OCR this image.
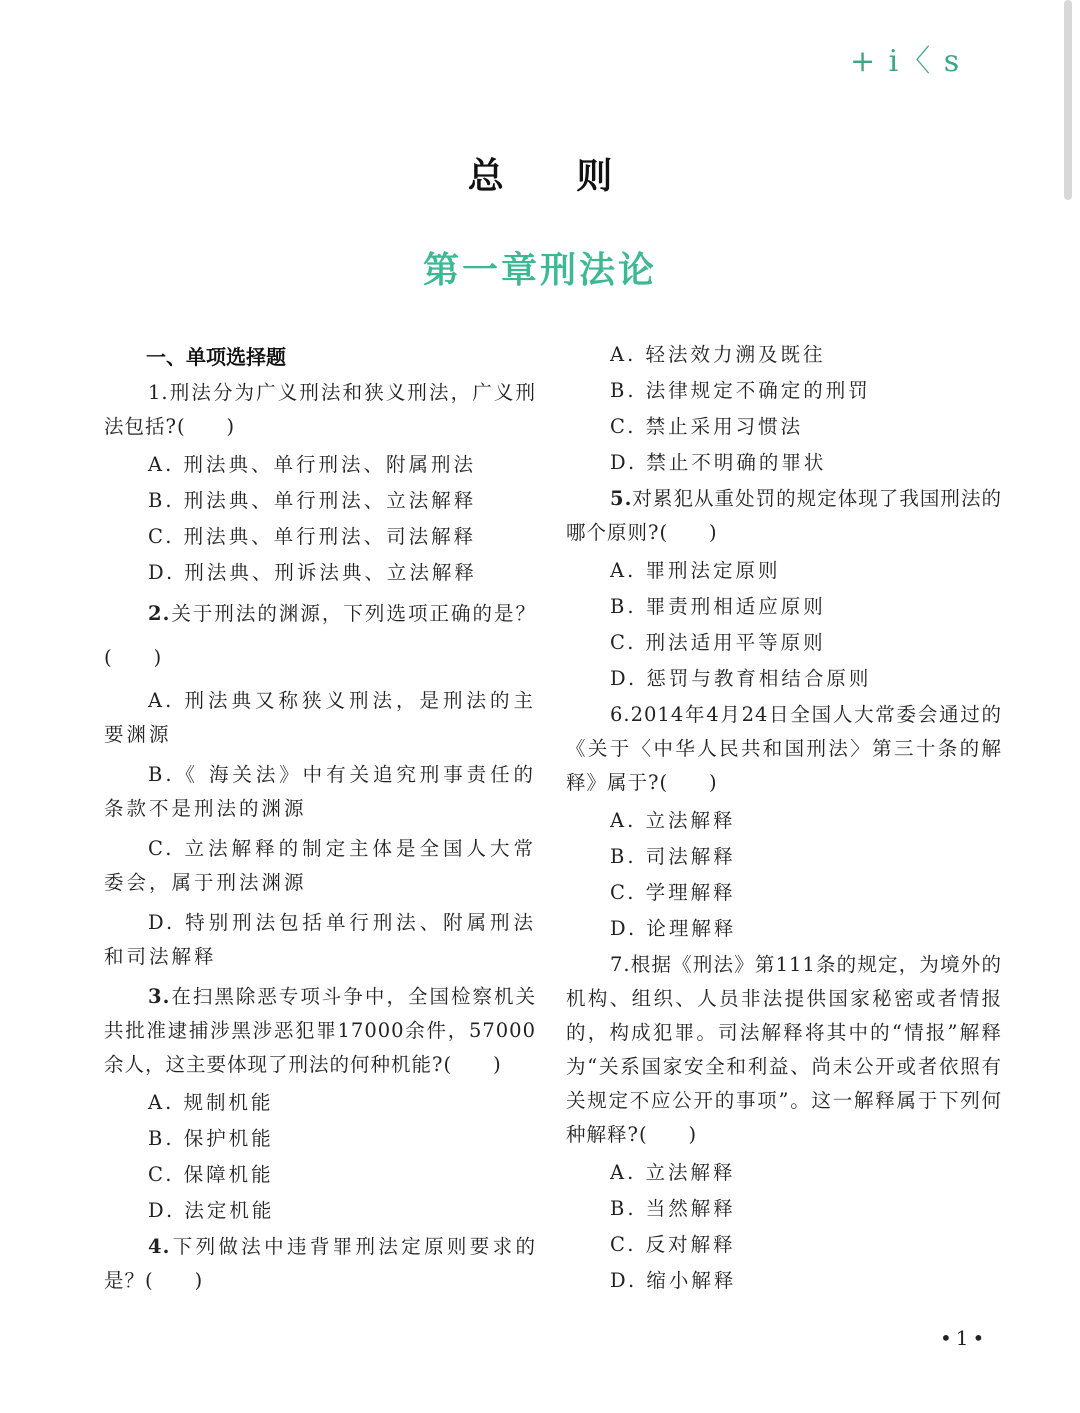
+ i〈 s
总 则
第一章刑法论
一、单项选择题

1.刑法分为广义刑法和狭义刑法，广义刑法包括?(　　)

A. 刑法典、单行刑法、附属刑法

B. 刑法典、单行刑法、立法解释

C. 刑法典、单行刑法、司法解释

D. 刑法典、刑诉法典、立法解释

2.关于刑法的渊源，下列选项正确的是？(　　)

A. 刑法典又称狭义刑法，是刑法的主要渊源

B.《 海关法》中有关追究刑事责任的条款不是刑法的渊源

C. 立法解释的制定主体是全国人大常委会，属于刑法渊源

D. 特别刑法包括单行刑法、附属刑法和司法解释

3.在扫黑除恶专项斗争中，全国检察机关共批准逮捕涉黑涉恶犯罪17000余件，57000余人，这主要体现了刑法的何种机能?(　　)

A. 规制机能

B. 保护机能

C. 保障机能

D. 法定机能

4.下列做法中违背罪刑法定原则要求的是？(　　)

A. 轻法效力溯及既往

B. 法律规定不确定的刑罚

C. 禁止采用习惯法

D. 禁止不明确的罪状

5.对累犯从重处罚的规定体现了我国刑法的哪个原则?(　　)

A. 罪刑法定原则

B. 罪责刑相适应原则

C. 刑法适用平等原则

D. 惩罚与教育相结合原则

6.2014年4月24日全国人大常委会通过的《关于〈中华人民共和国刑法〉第三十条的解释》属于?(　　)

A. 立法解释

B. 司法解释

C. 学理解释

D. 论理解释

7.根据《刑法》第111条的规定，为境外的机构、组织、人员非法提供国家秘密或者情报的，构成犯罪。司法解释将其中的“情报”解释为“关系国家安全和利益、尚未公开或者依照有关规定不应公开的事项”。这一解释属于下列何种解释?(　　)

A. 立法解释

B. 当然解释

C. 反对解释

D. 缩小解释

•1•
